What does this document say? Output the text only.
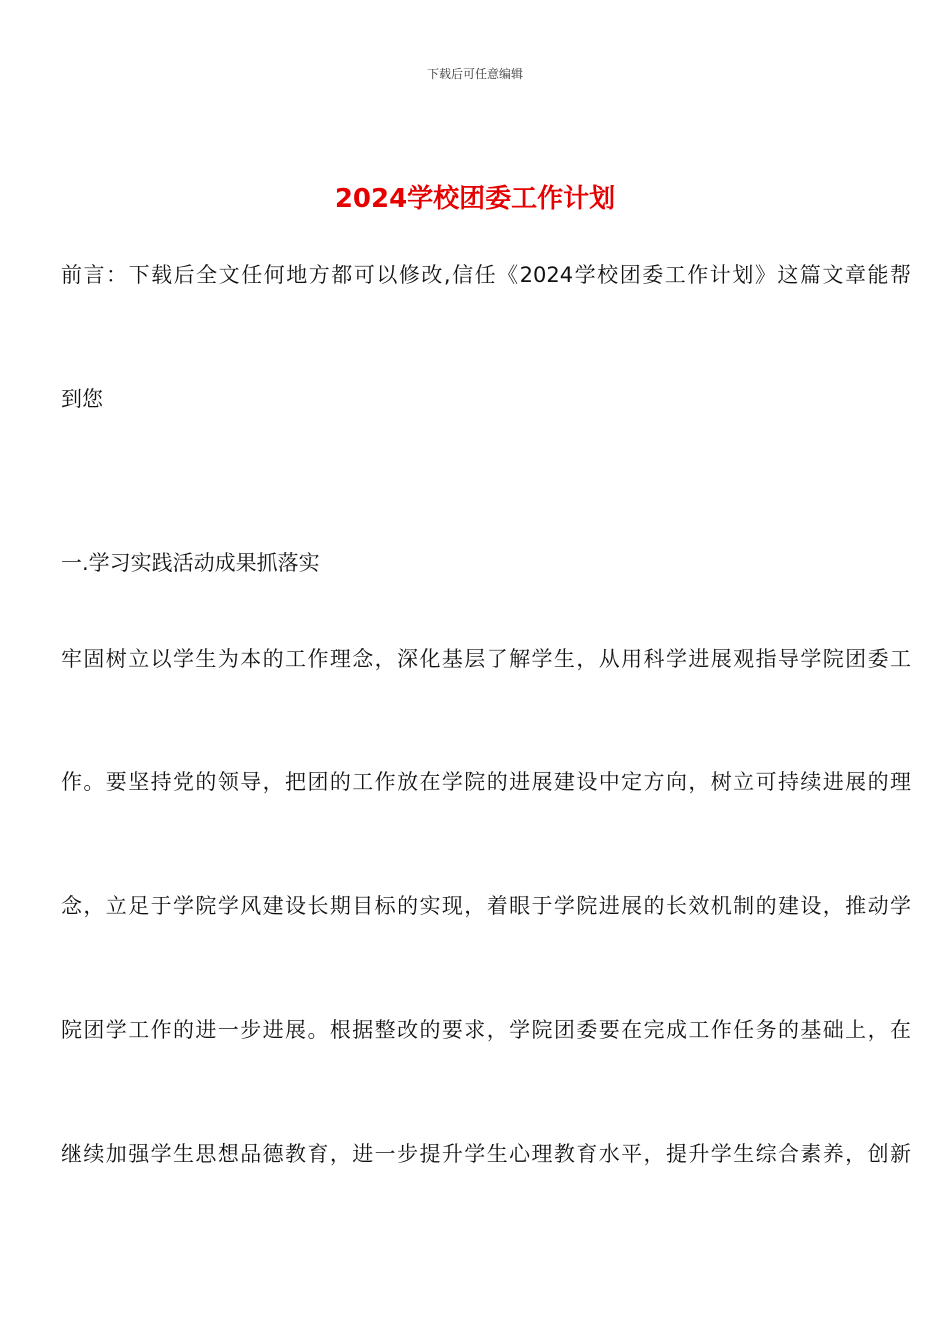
下载后可任意编辑
2024学校团委工作计划

前言：下载后全文任何地方都可以修改,信任《2024学校团委工作计划》这篇文章能帮

到您

一.学习实践活动成果抓落实

牢固树立以学生为本的工作理念，深化基层了解学生，从用科学进展观指导学院团委工

作。要坚持党的领导，把团的工作放在学院的进展建设中定方向，树立可持续进展的理

念，立足于学院学风建设长期目标的实现，着眼于学院进展的长效机制的建设，推动学

院团学工作的进一步进展。根据整改的要求，学院团委要在完成工作任务的基础上，在

继续加强学生思想品德教育，进一步提升学生心理教育水平，提升学生综合素养，创新
